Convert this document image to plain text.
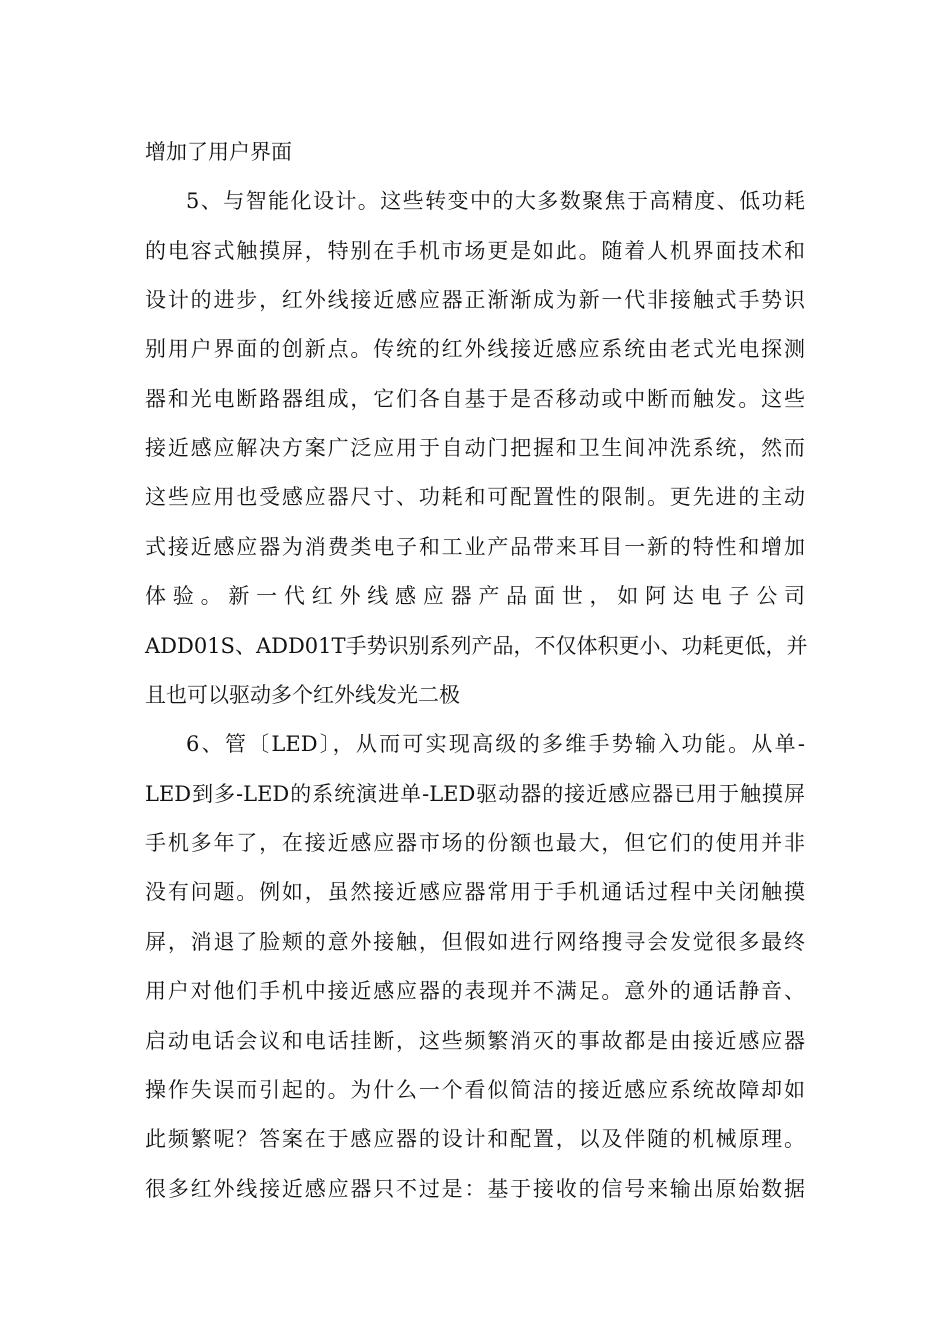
增加了用户界面
5、与智能化设计。这些转变中的大多数聚焦于高精度、低功耗
的电容式触摸屏，特别在手机市场更是如此。随着人机界面技术和
设计的进步，红外线接近感应器正渐渐成为新一代非接触式手势识
别用户界面的创新点。传统的红外线接近感应系统由老式光电探测
器和光电断路器组成，它们各自基于是否移动或中断而触发。这些
接近感应解决方案广泛应用于自动门把握和卫生间冲洗系统，然而
这些应用也受感应器尺寸、功耗和可配置性的限制。更先进的主动
式接近感应器为消费类电子和工业产品带来耳目一新的特性和增加
体验。新一代红外线感应器产品面世，如阿达电子公司
ADD01S、ADD01T手势识别系列产品，不仅体积更小、功耗更低，并
且也可以驱动多个红外线发光二极
6、管〔LED〕，从而可实现高级的多维手势输入功能。从单-
LED到多-LED的系统演进单-LED驱动器的接近感应器已用于触摸屏
手机多年了，在接近感应器市场的份额也最大，但它们的使用并非
没有问题。例如，虽然接近感应器常用于手机通话过程中关闭触摸
屏，消退了脸颊的意外接触，但假如进行网络搜寻会发觉很多最终
用户对他们手机中接近感应器的表现并不满足。意外的通话静音、
启动电话会议和电话挂断，这些频繁消灭的事故都是由接近感应器
操作失误而引起的。为什么一个看似简洁的接近感应系统故障却如
此频繁呢？答案在于感应器的设计和配置，以及伴随的机械原理。
很多红外线接近感应器只不过是：基于接收的信号来输出原始数据
